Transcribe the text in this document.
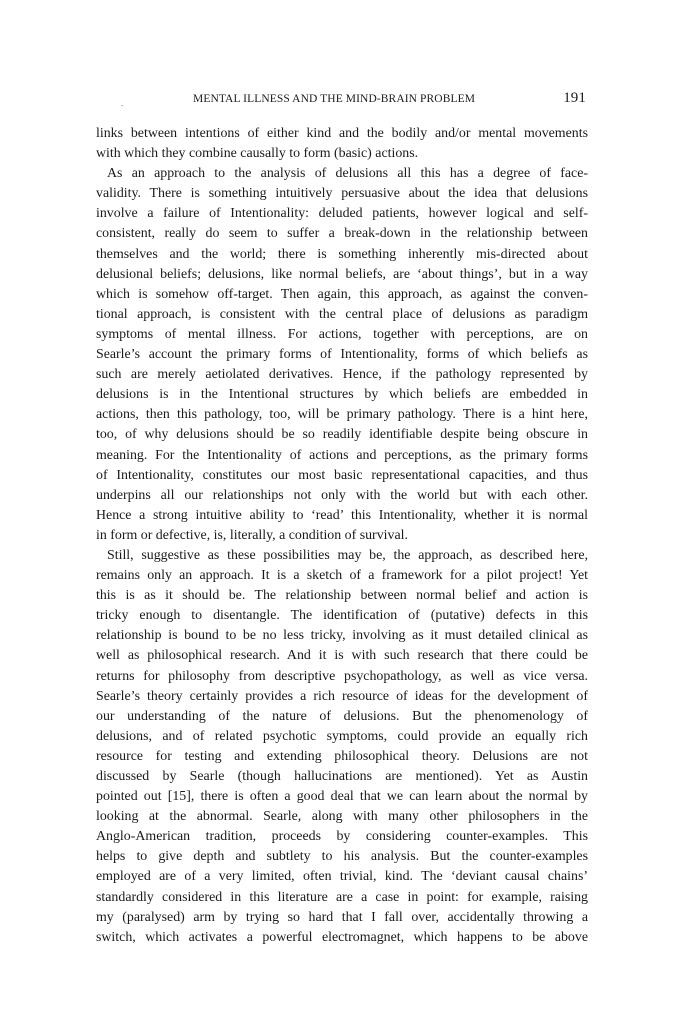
MENTAL ILLNESS AND THE MIND-BRAIN PROBLEM	191
links between intentions of either kind and the bodily and/or mental movements
with which they combine causally to form (basic) actions.
As an approach to the analysis of delusions all this has a degree of face-
validity. There is something intuitively persuasive about the idea that delusions
involve a failure of Intentionality: deluded patients, however logical and self-
consistent, really do seem to suffer a break-down in the relationship between
themselves and the world; there is something inherently mis-directed about
delusional beliefs; delusions, like normal beliefs, are ‘about things’, but in a way
which is somehow off-target. Then again, this approach, as against the conven-
tional approach, is consistent with the central place of delusions as paradigm
symptoms of mental illness. For actions, together with perceptions, are on
Searle’s account the primary forms of Intentionality, forms of which beliefs as
such are merely aetiolated derivatives. Hence, if the pathology represented by
delusions is in the Intentional structures by which beliefs are embedded in
actions, then this pathology, too, will be primary pathology. There is a hint here,
too, of why delusions should be so readily identifiable despite being obscure in
meaning. For the Intentionality of actions and perceptions, as the primary forms
of Intentionality, constitutes our most basic representational capacities, and thus
underpins all our relationships not only with the world but with each other.
Hence a strong intuitive ability to ‘read’ this Intentionality, whether it is normal
in form or defective, is, literally, a condition of survival.
Still, suggestive as these possibilities may be, the approach, as described here,
remains only an approach. It is a sketch of a framework for a pilot project! Yet
this is as it should be. The relationship between normal belief and action is
tricky enough to disentangle. The identification of (putative) defects in this
relationship is bound to be no less tricky, involving as it must detailed clinical as
well as philosophical research. And it is with such research that there could be
returns for philosophy from descriptive psychopathology, as well as vice versa.
Searle’s theory certainly provides a rich resource of ideas for the development of
our understanding of the nature of delusions. But the phenomenology of
delusions, and of related psychotic symptoms, could provide an equally rich
resource for testing and extending philosophical theory. Delusions are not
discussed by Searle (though hallucinations are mentioned). Yet as Austin
pointed out [15], there is often a good deal that we can learn about the normal by
looking at the abnormal. Searle, along with many other philosophers in the
Anglo-American tradition, proceeds by considering counter-examples. This
helps to give depth and subtlety to his analysis. But the counter-examples
employed are of a very limited, often trivial, kind. The ‘deviant causal chains’
standardly considered in this literature are a case in point: for example, raising
my (paralysed) arm by trying so hard that I fall over, accidentally throwing a
switch, which activates a powerful electromagnet, which happens to be above
